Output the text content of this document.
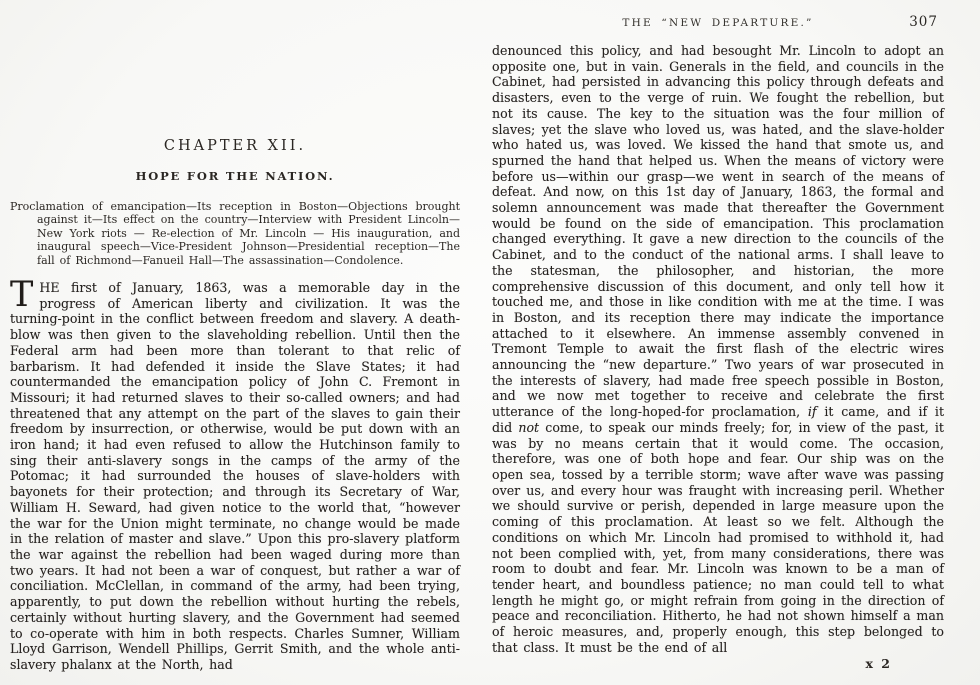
CHAPTER XII.
HOPE FOR THE NATION.

Proclamation of emancipation—Its reception in Boston—Objections brought against it—Its effect on the country—Interview with President Lincoln—New York riots — Re-election of Mr. Lincoln — His inauguration, and inaugural speech—Vice-President Johnson—Presidential reception—The fall of Richmond—Fanueil Hall—The assassination—Condolence.

THE first of January, 1863, was a memorable day in the progress of American liberty and civilization. It was the turning-point in the conflict between freedom and slavery. A death-blow was then given to the slaveholding rebellion. Until then the Federal arm had been more than tolerant to that relic of barbarism. It had defended it inside the Slave States; it had countermanded the emancipation policy of John C. Fremont in Missouri; it had returned slaves to their so-called owners; and had threatened that any attempt on the part of the slaves to gain their freedom by insurrection, or otherwise, would be put down with an iron hand; it had even refused to allow the Hutchinson family to sing their anti-slavery songs in the camps of the army of the Potomac; it had surrounded the houses of slave-holders with bayonets for their protection; and through its Secretary of War, William H. Seward, had given notice to the world that, “however the war for the Union might terminate, no change would be made in the relation of master and slave.” Upon this pro-slavery platform the war against the rebellion had been waged during more than two years. It had not been a war of conquest, but rather a war of conciliation. McClellan, in command of the army, had been trying, apparently, to put down the rebellion without hurting the rebels, certainly without hurting slavery, and the Government had seemed to co-operate with him in both respects. Charles Sumner, William Lloyd Garrison, Wendell Phillips, Gerrit Smith, and the whole anti-slavery phalanx at the North, had

THE “NEW DEPARTURE.”	307

denounced this policy, and had besought Mr. Lincoln to adopt an opposite one, but in vain. Generals in the field, and councils in the Cabinet, had persisted in advancing this policy through defeats and disasters, even to the verge of ruin. We fought the rebellion, but not its cause. The key to the situation was the four million of slaves; yet the slave who loved us, was hated, and the slave-holder who hated us, was loved. We kissed the hand that smote us, and spurned the hand that helped us. When the means of victory were before us—within our grasp—we went in search of the means of defeat. And now, on this 1st day of January, 1863, the formal and solemn announcement was made that thereafter the Government would be found on the side of emancipation. This proclamation changed everything. It gave a new direction to the councils of the Cabinet, and to the conduct of the national arms. I shall leave to the statesman, the philosopher, and historian, the more comprehensive discussion of this document, and only tell how it touched me, and those in like condition with me at the time. I was in Boston, and its reception there may indicate the importance attached to it elsewhere. An immense assembly convened in Tremont Temple to await the first flash of the electric wires announcing the “new departure.” Two years of war prosecuted in the interests of slavery, had made free speech possible in Boston, and we now met together to receive and celebrate the first utterance of the long-hoped-for proclamation, if it came, and if it did not come, to speak our minds freely; for, in view of the past, it was by no means certain that it would come. The occasion, therefore, was one of both hope and fear. Our ship was on the open sea, tossed by a terrible storm; wave after wave was passing over us, and every hour was fraught with increasing peril. Whether we should survive or perish, depended in large measure upon the coming of this proclamation. At least so we felt. Although the conditions on which Mr. Lincoln had promised to withhold it, had not been complied with, yet, from many considerations, there was room to doubt and fear. Mr. Lincoln was known to be a man of tender heart, and boundless patience; no man could tell to what length he might go, or might refrain from going in the direction of peace and reconciliation. Hitherto, he had not shown himself a man of heroic measures, and, properly enough, this step belonged to that class. It must be the end of all

x 2
